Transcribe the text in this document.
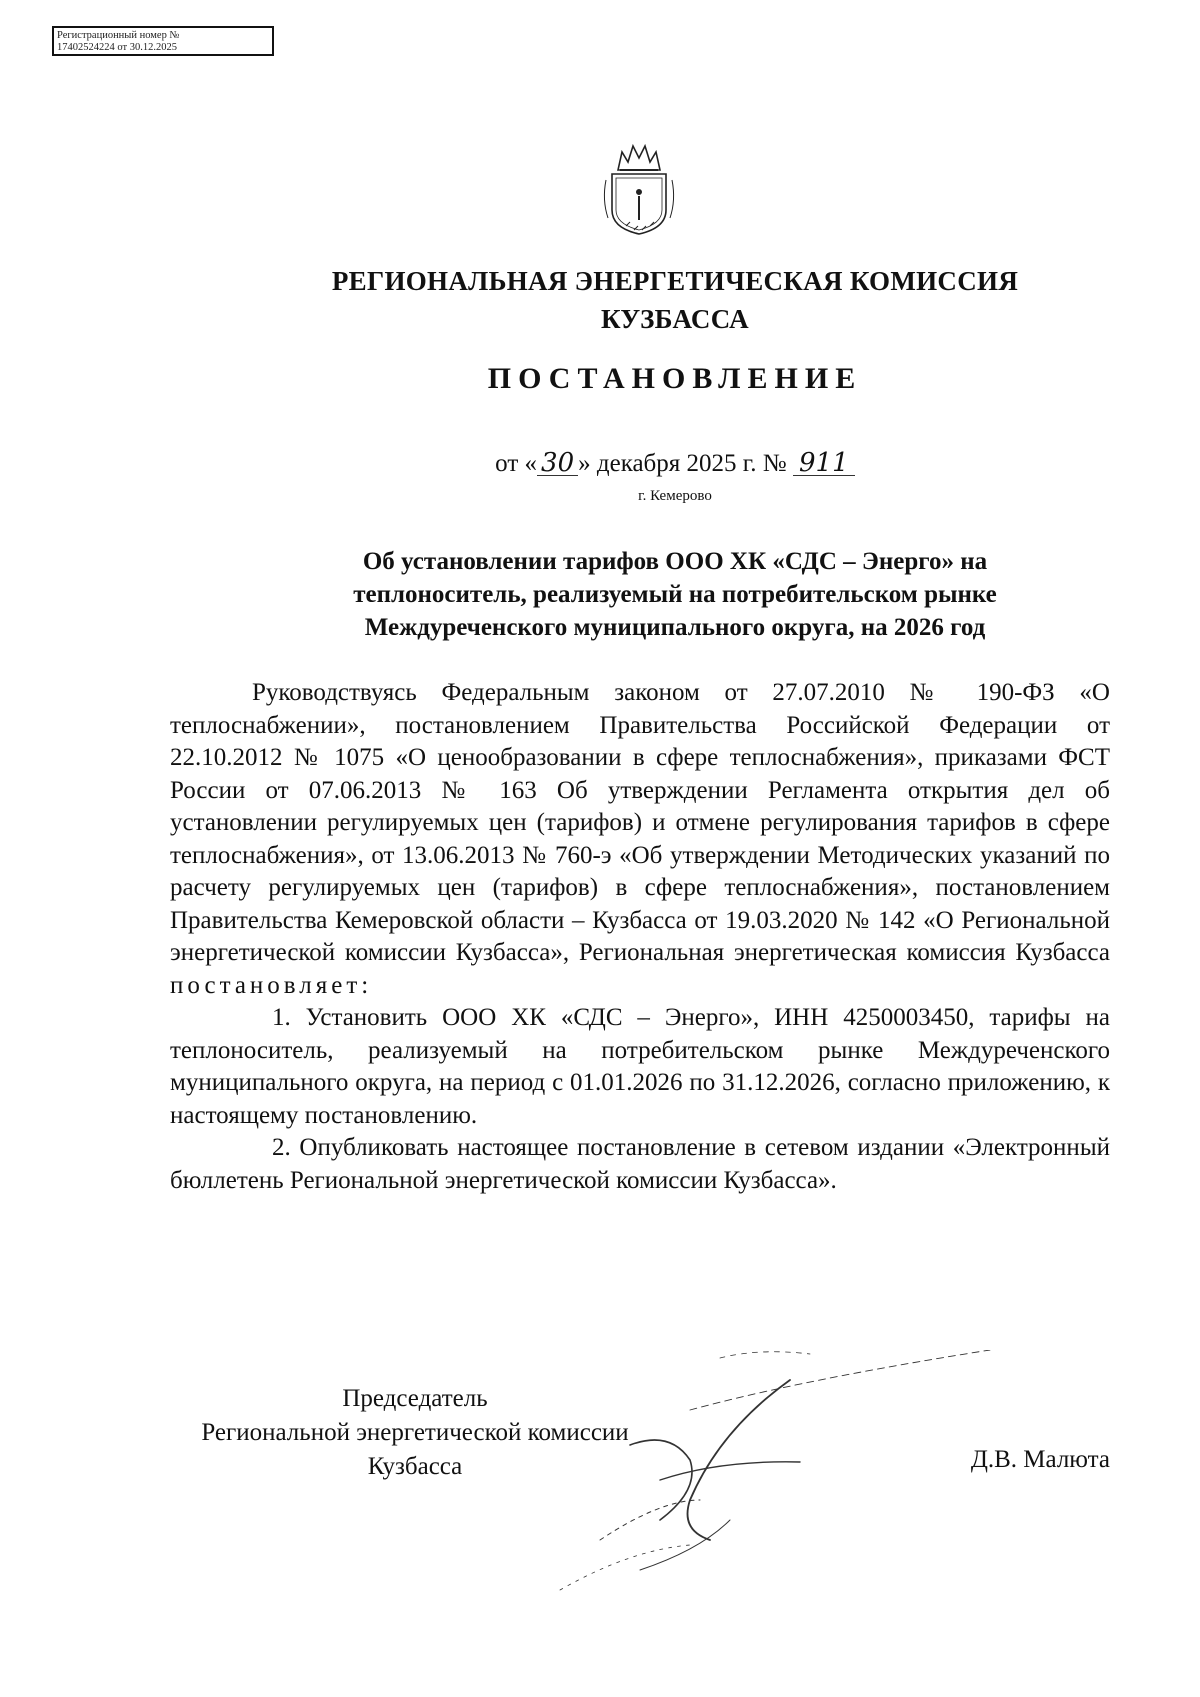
Регистрационный номер №
17402524224 от 30.12.2025
РЕГИОНАЛЬНАЯ ЭНЕРГЕТИЧЕСКАЯ КОМИССИЯ
КУЗБАССА
ПОСТАНОВЛЕНИЕ
от « 30 » декабря 2025 г. № 911
г. Кемерово
Об установлении тарифов ООО ХК «СДС – Энерго» на
теплоноситель, реализуемый на потребительском рынке
Междуреченского муниципального округа, на 2026 год

Руководствуясь Федеральным законом от 27.07.2010 № 190-ФЗ «О теплоснабжении», постановлением Правительства Российской Федерации от 22.10.2012 № 1075 «О ценообразовании в сфере теплоснабжения», приказами ФСТ России от 07.06.2013 № 163 Об утверждении Регламента открытия дел об установлении регулируемых цен (тарифов) и отмене регулирования тарифов в сфере теплоснабжения», от 13.06.2013 № 760-э «Об утверждении Методических указаний по расчету регулируемых цен (тарифов) в сфере теплоснабжения», постановлением Правительства Кемеровской области – Кузбасса от 19.03.2020 № 142 «О Региональной энергетической комиссии Кузбасса», Региональная энергетическая комиссия Кузбасса постановляет:

1. Установить ООО ХК «СДС – Энерго», ИНН 4250003450, тарифы на теплоноситель, реализуемый на потребительском рынке Междуреченского муниципального округа, на период с 01.01.2026 по 31.12.2026, согласно приложению, к настоящему постановлению.

2. Опубликовать настоящее постановление в сетевом издании «Электронный бюллетень Региональной энергетической комиссии Кузбасса».

Председатель
Региональной энергетической комиссии
Кузбасса	Д.В. Малюта
